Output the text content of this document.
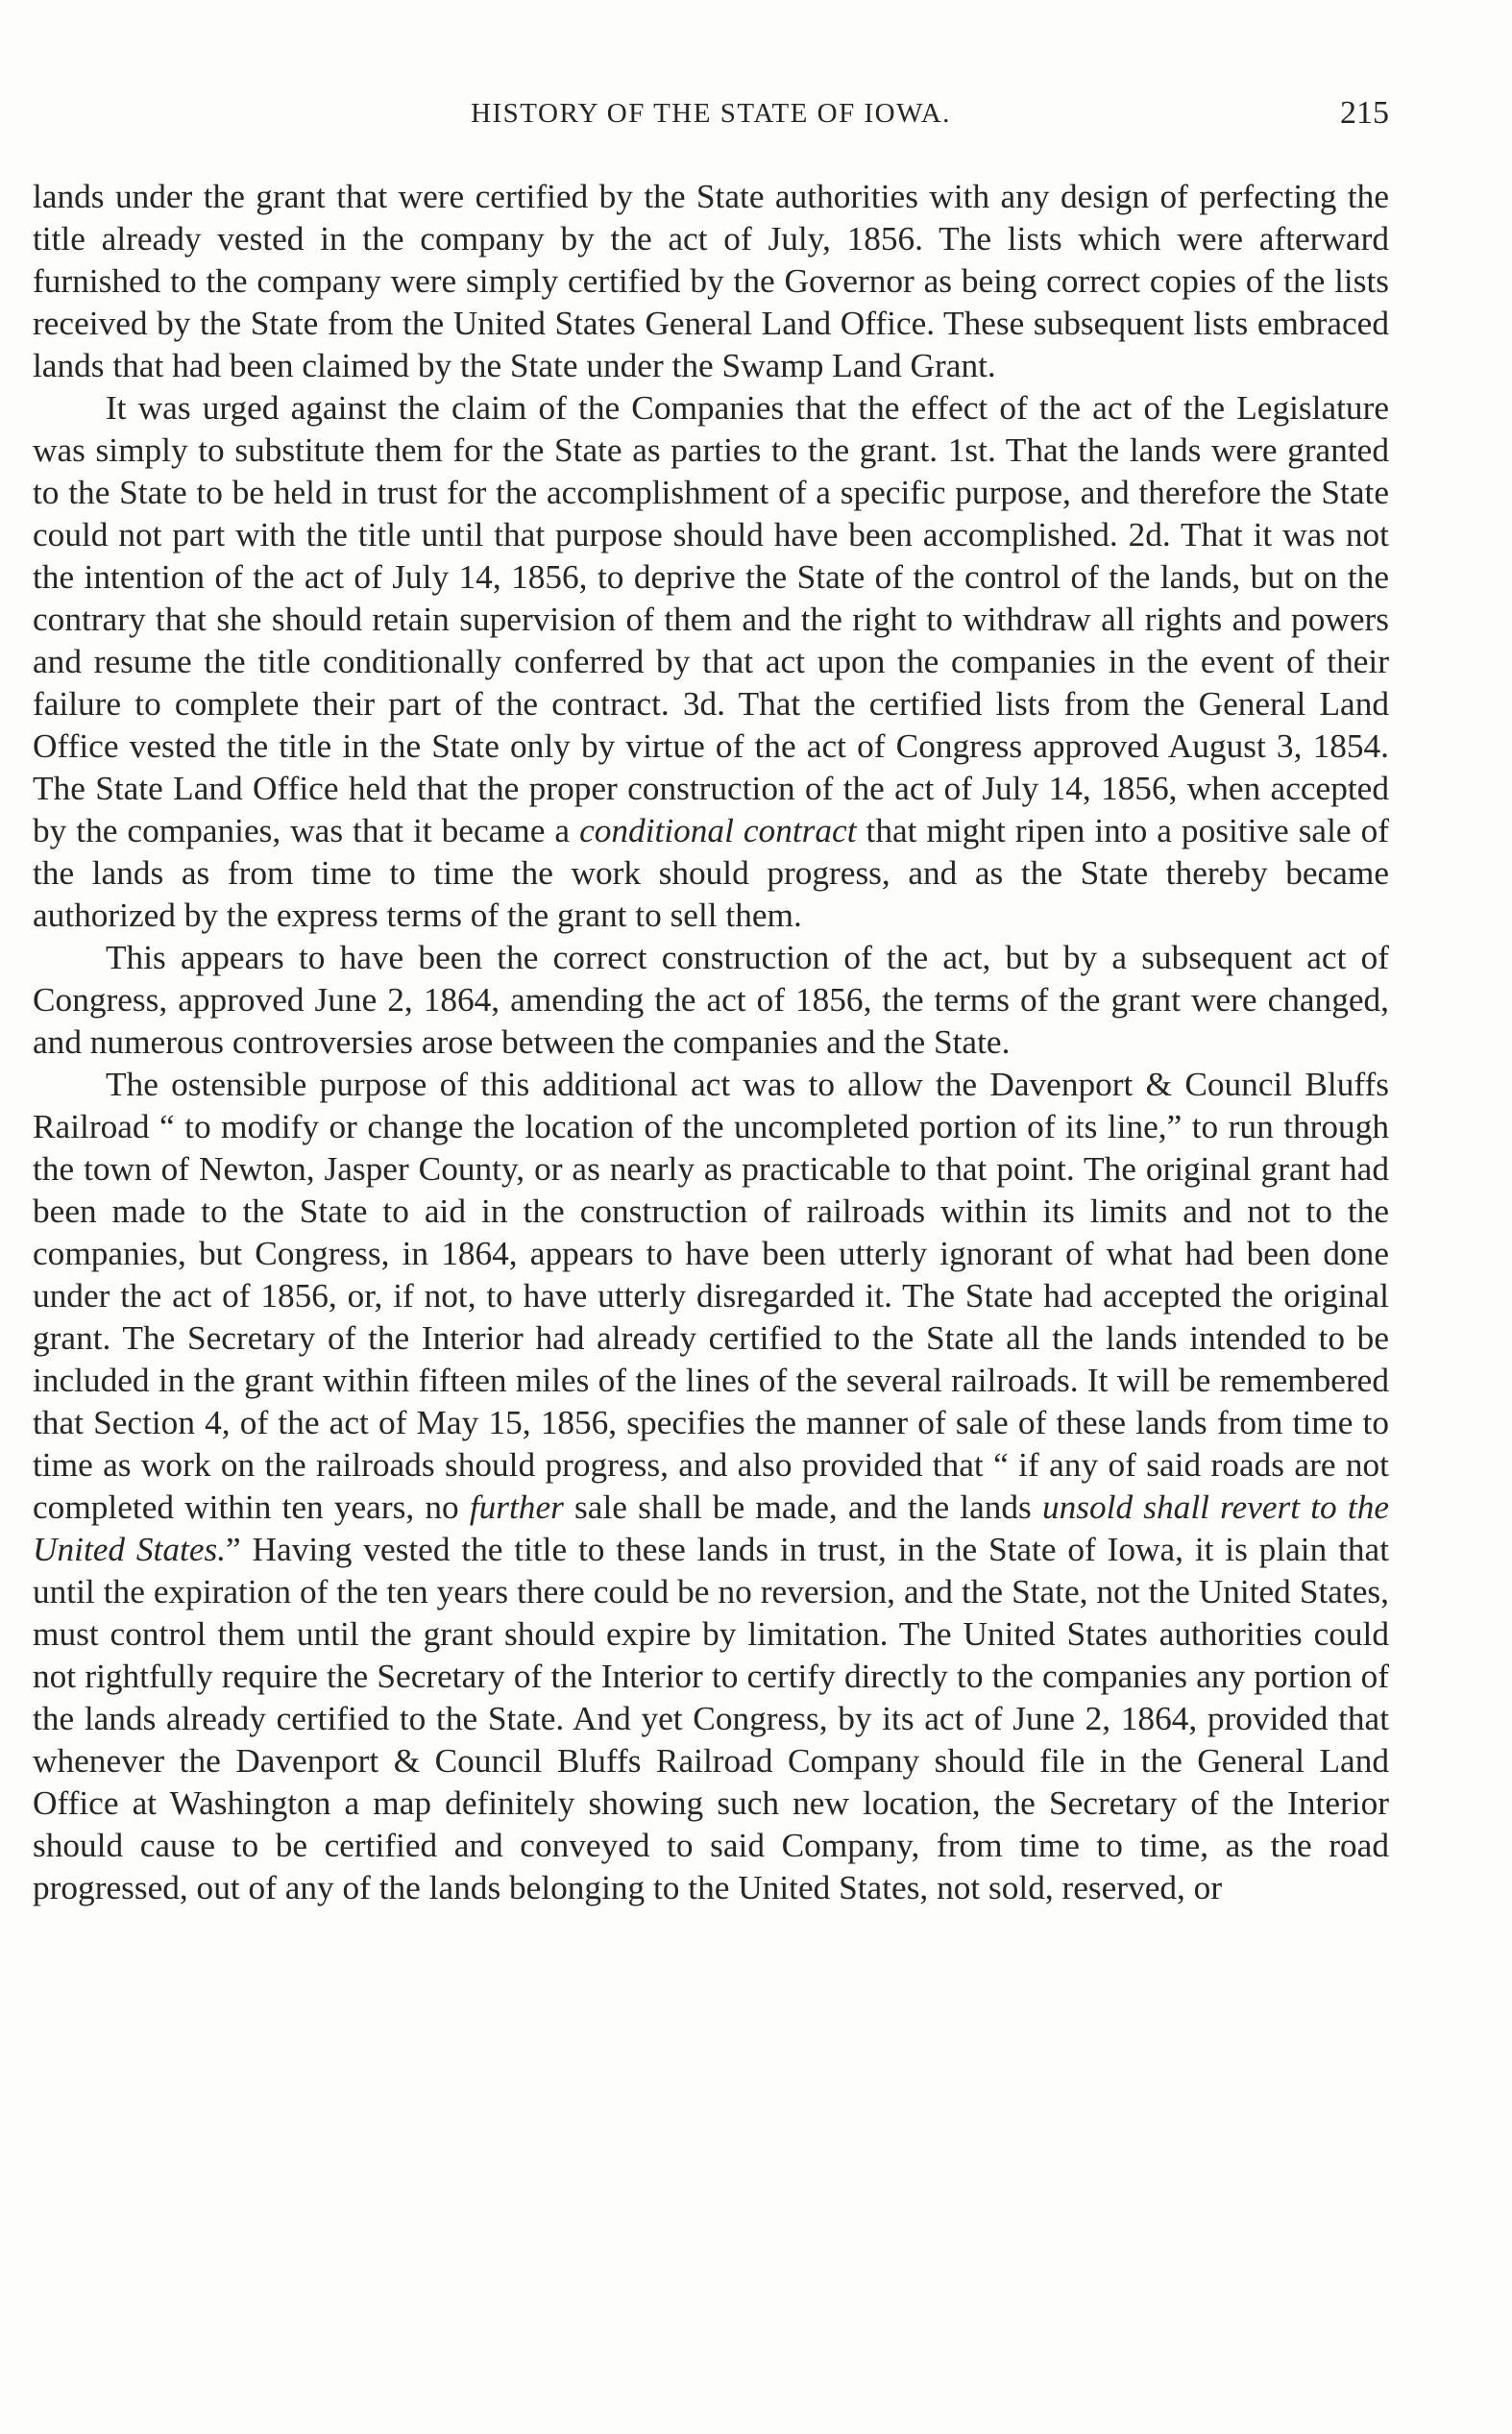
HISTORY OF THE STATE OF IOWA.	215

lands under the grant that were certified by the State authorities with any design of perfecting the title already vested in the company by the act of July, 1856. The lists which were afterward furnished to the company were simply certified by the Governor as being correct copies of the lists received by the State from the United States General Land Office. These subsequent lists embraced lands that had been claimed by the State under the Swamp Land Grant.

It was urged against the claim of the Companies that the effect of the act of the Legislature was simply to substitute them for the State as parties to the grant. 1st. That the lands were granted to the State to be held in trust for the accomplishment of a specific purpose, and therefore the State could not part with the title until that purpose should have been accomplished. 2d. That it was not the intention of the act of July 14, 1856, to deprive the State of the control of the lands, but on the contrary that she should retain supervision of them and the right to withdraw all rights and powers and resume the title conditionally conferred by that act upon the companies in the event of their failure to complete their part of the contract. 3d. That the certified lists from the General Land Office vested the title in the State only by virtue of the act of Congress approved August 3, 1854. The State Land Office held that the proper construction of the act of July 14, 1856, when accepted by the companies, was that it became a conditional contract that might ripen into a positive sale of the lands as from time to time the work should progress, and as the State thereby became authorized by the express terms of the grant to sell them.

This appears to have been the correct construction of the act, but by a subsequent act of Congress, approved June 2, 1864, amending the act of 1856, the terms of the grant were changed, and numerous controversies arose between the companies and the State.

The ostensible purpose of this additional act was to allow the Davenport & Council Bluffs Railroad “ to modify or change the location of the uncompleted portion of its line,” to run through the town of Newton, Jasper County, or as nearly as practicable to that point. The original grant had been made to the State to aid in the construction of railroads within its limits and not to the companies, but Congress, in 1864, appears to have been utterly ignorant of what had been done under the act of 1856, or, if not, to have utterly disregarded it. The State had accepted the original grant. The Secretary of the Interior had already certified to the State all the lands intended to be included in the grant within fifteen miles of the lines of the several railroads. It will be remembered that Section 4, of the act of May 15, 1856, specifies the manner of sale of these lands from time to time as work on the railroads should progress, and also provided that “ if any of said roads are not completed within ten years, no further sale shall be made, and the lands unsold shall revert to the United States.” Having vested the title to these lands in trust, in the State of Iowa, it is plain that until the expiration of the ten years there could be no reversion, and the State, not the United States, must control them until the grant should expire by limitation. The United States authorities could not rightfully require the Secretary of the Interior to certify directly to the companies any portion of the lands already certified to the State. And yet Congress, by its act of June 2, 1864, provided that whenever the Davenport & Council Bluffs Railroad Company should file in the General Land Office at Washington a map definitely showing such new location, the Secretary of the Interior should cause to be certified and conveyed to said Company, from time to time, as the road progressed, out of any of the lands belonging to the United States, not sold, reserved, or
